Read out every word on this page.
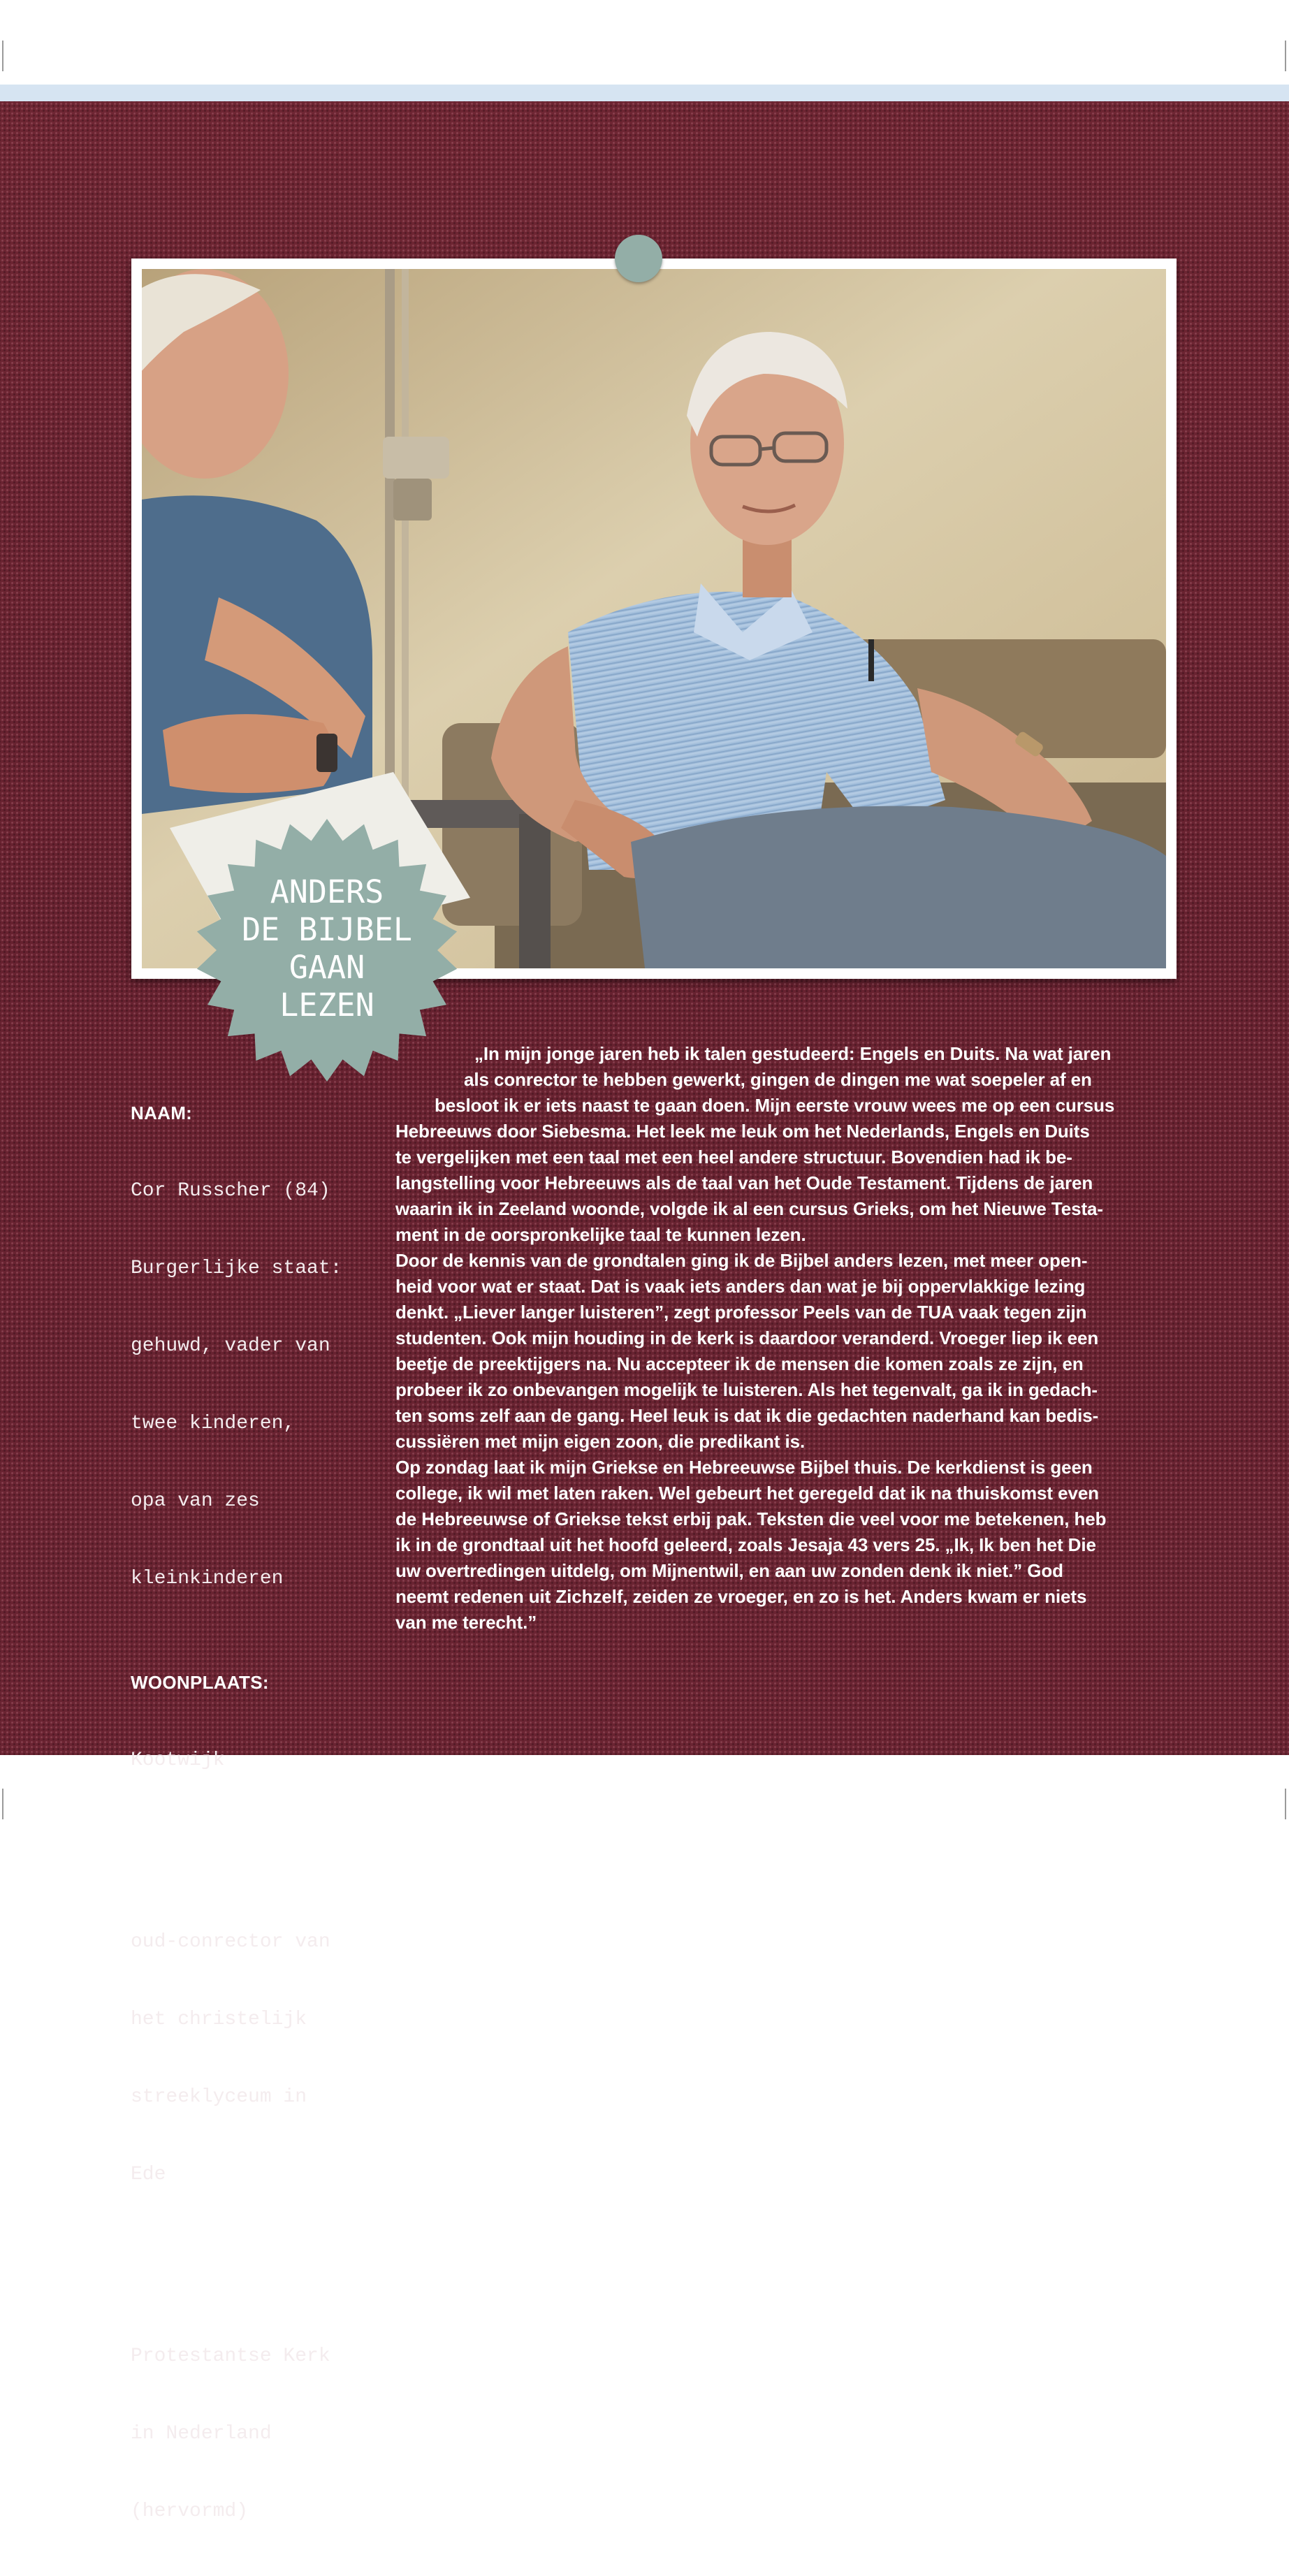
ANDERS
DE BIJBEL
GAAN
LEZEN
NAAM:

Cor Russcher (84)

Burgerlijke staat:

gehuwd, vader van

twee kinderen,

opa van zes

kleinkinderen

WOONPLAATS:

Kootwijk

BEROEP:

oud-conrector van

het christelijk

streeklyceum in

Ede

KERKVERBAND:

Protestantse Kerk

in Nederland

(hervormd)

„In mijn jonge jaren heb ik talen gestudeerd: Engels en Duits. Na wat jaren
als conrector te hebben gewerkt, gingen de dingen me wat soepeler af en
besloot ik er iets naast te gaan doen. Mijn eerste vrouw wees me op een cursus
Hebreeuws door Siebesma. Het leek me leuk om het Nederlands, Engels en Duits
te vergelijken met een taal met een heel andere structuur. Bovendien had ik be-
langstelling voor Hebreeuws als de taal van het Oude Testament. Tijdens de jaren
waarin ik in Zeeland woonde, volgde ik al een cursus Grieks, om het Nieuwe Testa-
ment in de oorspronkelijke taal te kunnen lezen.
Door de kennis van de grondtalen ging ik de Bijbel anders lezen, met meer open-
heid voor wat er staat. Dat is vaak iets anders dan wat je bij oppervlakkige lezing
denkt. „Liever langer luisteren”, zegt professor Peels van de TUA vaak tegen zijn
studenten. Ook mijn houding in de kerk is daardoor veranderd. Vroeger liep ik een
beetje de preektijgers na. Nu accepteer ik de mensen die komen zoals ze zijn, en
probeer ik zo onbevangen mogelijk te luisteren. Als het tegenvalt, ga ik in gedach-
ten soms zelf aan de gang. Heel leuk is dat ik die gedachten naderhand kan bedis-
cussiëren met mijn eigen zoon, die predikant is.
Op zondag laat ik mijn Griekse en Hebreeuwse Bijbel thuis. De kerkdienst is geen
college, ik wil met laten raken. Wel gebeurt het geregeld dat ik na thuiskomst even
de Hebreeuwse of Griekse tekst erbij pak. Teksten die veel voor me betekenen, heb
ik in de grondtaal uit het hoofd geleerd, zoals Jesaja 43 vers 25. „Ik, Ik ben het Die
uw overtredingen uitdelg, om Mijnentwil, en aan uw zonden denk ik niet.” God
neemt redenen uit Zichzelf, zeiden ze vroeger, en zo is het. Anders kwam er niets
van me terecht.”
